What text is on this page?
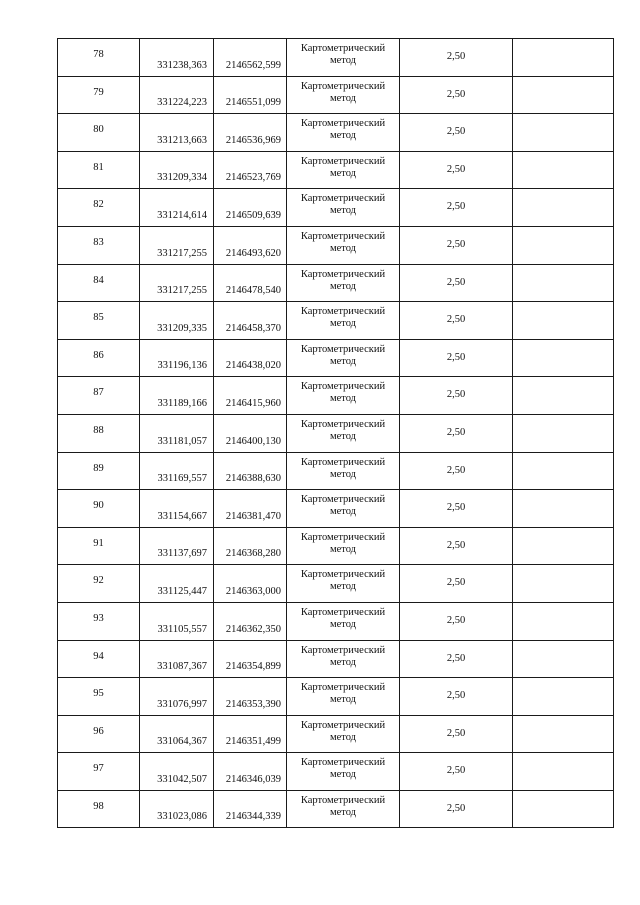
78	331238,363	2146562,599	Картометрический метод	2,50	
79	331224,223	2146551,099	Картометрический метод	2,50	
80	331213,663	2146536,969	Картометрический метод	2,50	
81	331209,334	2146523,769	Картометрический метод	2,50	
82	331214,614	2146509,639	Картометрический метод	2,50	
83	331217,255	2146493,620	Картометрический метод	2,50	
84	331217,255	2146478,540	Картометрический метод	2,50	
85	331209,335	2146458,370	Картометрический метод	2,50	
86	331196,136	2146438,020	Картометрический метод	2,50	
87	331189,166	2146415,960	Картометрический метод	2,50	
88	331181,057	2146400,130	Картометрический метод	2,50	
89	331169,557	2146388,630	Картометрический метод	2,50	
90	331154,667	2146381,470	Картометрический метод	2,50	
91	331137,697	2146368,280	Картометрический метод	2,50	
92	331125,447	2146363,000	Картометрический метод	2,50	
93	331105,557	2146362,350	Картометрический метод	2,50	
94	331087,367	2146354,899	Картометрический метод	2,50	
95	331076,997	2146353,390	Картометрический метод	2,50	
96	331064,367	2146351,499	Картометрический метод	2,50	
97	331042,507	2146346,039	Картометрический метод	2,50	
98	331023,086	2146344,339	Картометрический метод	2,50	
